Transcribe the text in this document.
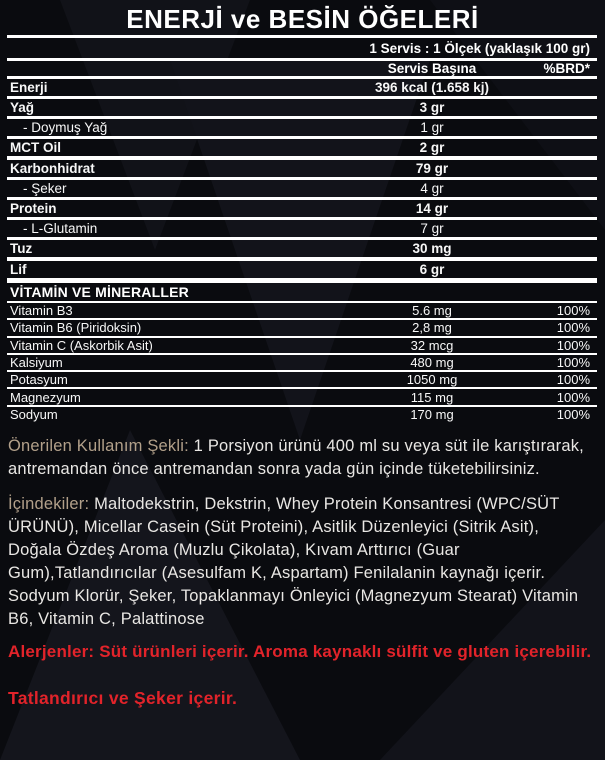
ENERJİ ve BESİN ÖĞELERİ
1 Servis : 1 Ölçek (yaklaşık 100 gr)
Servis Başına	%BRD*
Enerji	396 kcal (1.658 kj)
Yağ	3 gr
- Doymuş Yağ	1 gr
MCT Oil	2 gr
Karbonhidrat	79 gr
- Şeker	4 gr
Protein	14 gr
- L-Glutamin	7 gr
Tuz	30 mg
Lif	6 gr
VİTAMİN VE MİNERALLER
Vitamin B3	5.6 mg	100%
Vitamin B6 (Piridoksin)	2,8 mg	100%
Vitamin C (Askorbik Asit)	32 mcg	100%
Kalsiyum	480 mg	100%
Potasyum	1050 mg	100%
Magnezyum	115 mg	100%
Sodyum	170 mg	100%
Önerilen Kullanım Şekli: 1 Porsiyon ürünü 400 ml su veya süt ile karıştırarak, antremandan önce antremandan sonra yada gün içinde tüketebilirsiniz.
İçindekiler: Maltodekstrin, Dekstrin, Whey Protein Konsantresi (WPC/SÜT ÜRÜNÜ), Micellar Casein (Süt Proteini), Asitlik Düzenleyici (Sitrik Asit), Doğala Özdeş Aroma (Muzlu Çikolata), Kıvam Arttırıcı (Guar Gum),Tatlandırıcılar (Asesulfam K, Aspartam) Fenilalanin kaynağı içerir. Sodyum Klorür, Şeker, Topaklanmayı Önleyici (Magnezyum Stearat) Vitamin B6, Vitamin C, Palattinose
Alerjenler: Süt ürünleri içerir. Aroma kaynaklı sülfit ve gluten içerebilir.
Tatlandırıcı ve Şeker içerir.
